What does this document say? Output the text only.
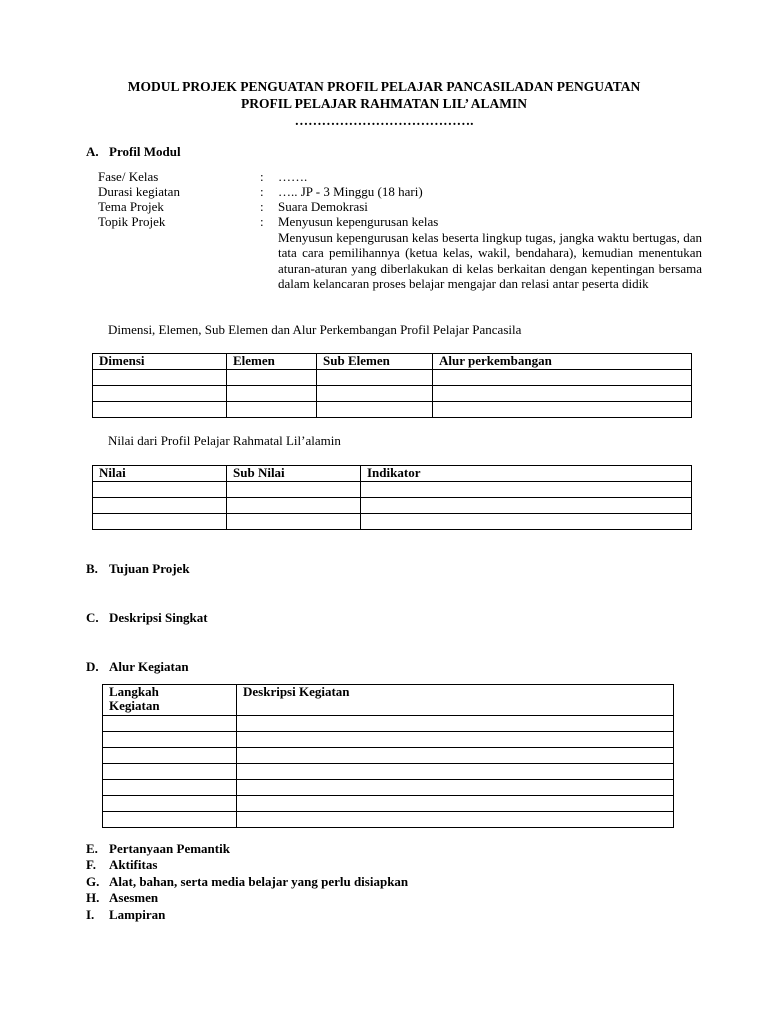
MODUL PROJEK PENGUATAN PROFIL PELAJAR PANCASILADAN PENGUATAN
PROFIL PELAJAR RAHMATAN LIL’ ALAMIN
………………………………….
A. Profil Modul
Fase/ Kelas	: …….
Durasi kegiatan	: ….. JP - 3 Minggu (18 hari)
Tema Projek	: Suara Demokrasi
Topik Projek	: Menyusun kepengurusan kelas
Menyusun kepengurusan kelas beserta lingkup tugas, jangka waktu bertugas, dan tata cara pemilihannya (ketua kelas, wakil, bendahara), kemudian menentukan aturan-aturan yang diberlakukan di kelas berkaitan dengan kepentingan bersama dalam kelancaran proses belajar mengajar dan relasi antar peserta didik
Dimensi, Elemen, Sub Elemen dan Alur Perkembangan Profil Pelajar Pancasila
Dimensi	Elemen	Sub Elemen	Alur perkembangan

Nilai dari Profil Pelajar Rahmatal Lil’alamin
Nilai	Sub Nilai	Indikator

B. Tujuan Projek
C. Deskripsi Singkat
D. Alur Kegiatan
Langkah
Kegiatan	Deskripsi Kegiatan

E. Pertanyaan Pemantik
F. Aktifitas
G. Alat, bahan, serta media belajar yang perlu disiapkan
H. Asesmen
I. Lampiran
